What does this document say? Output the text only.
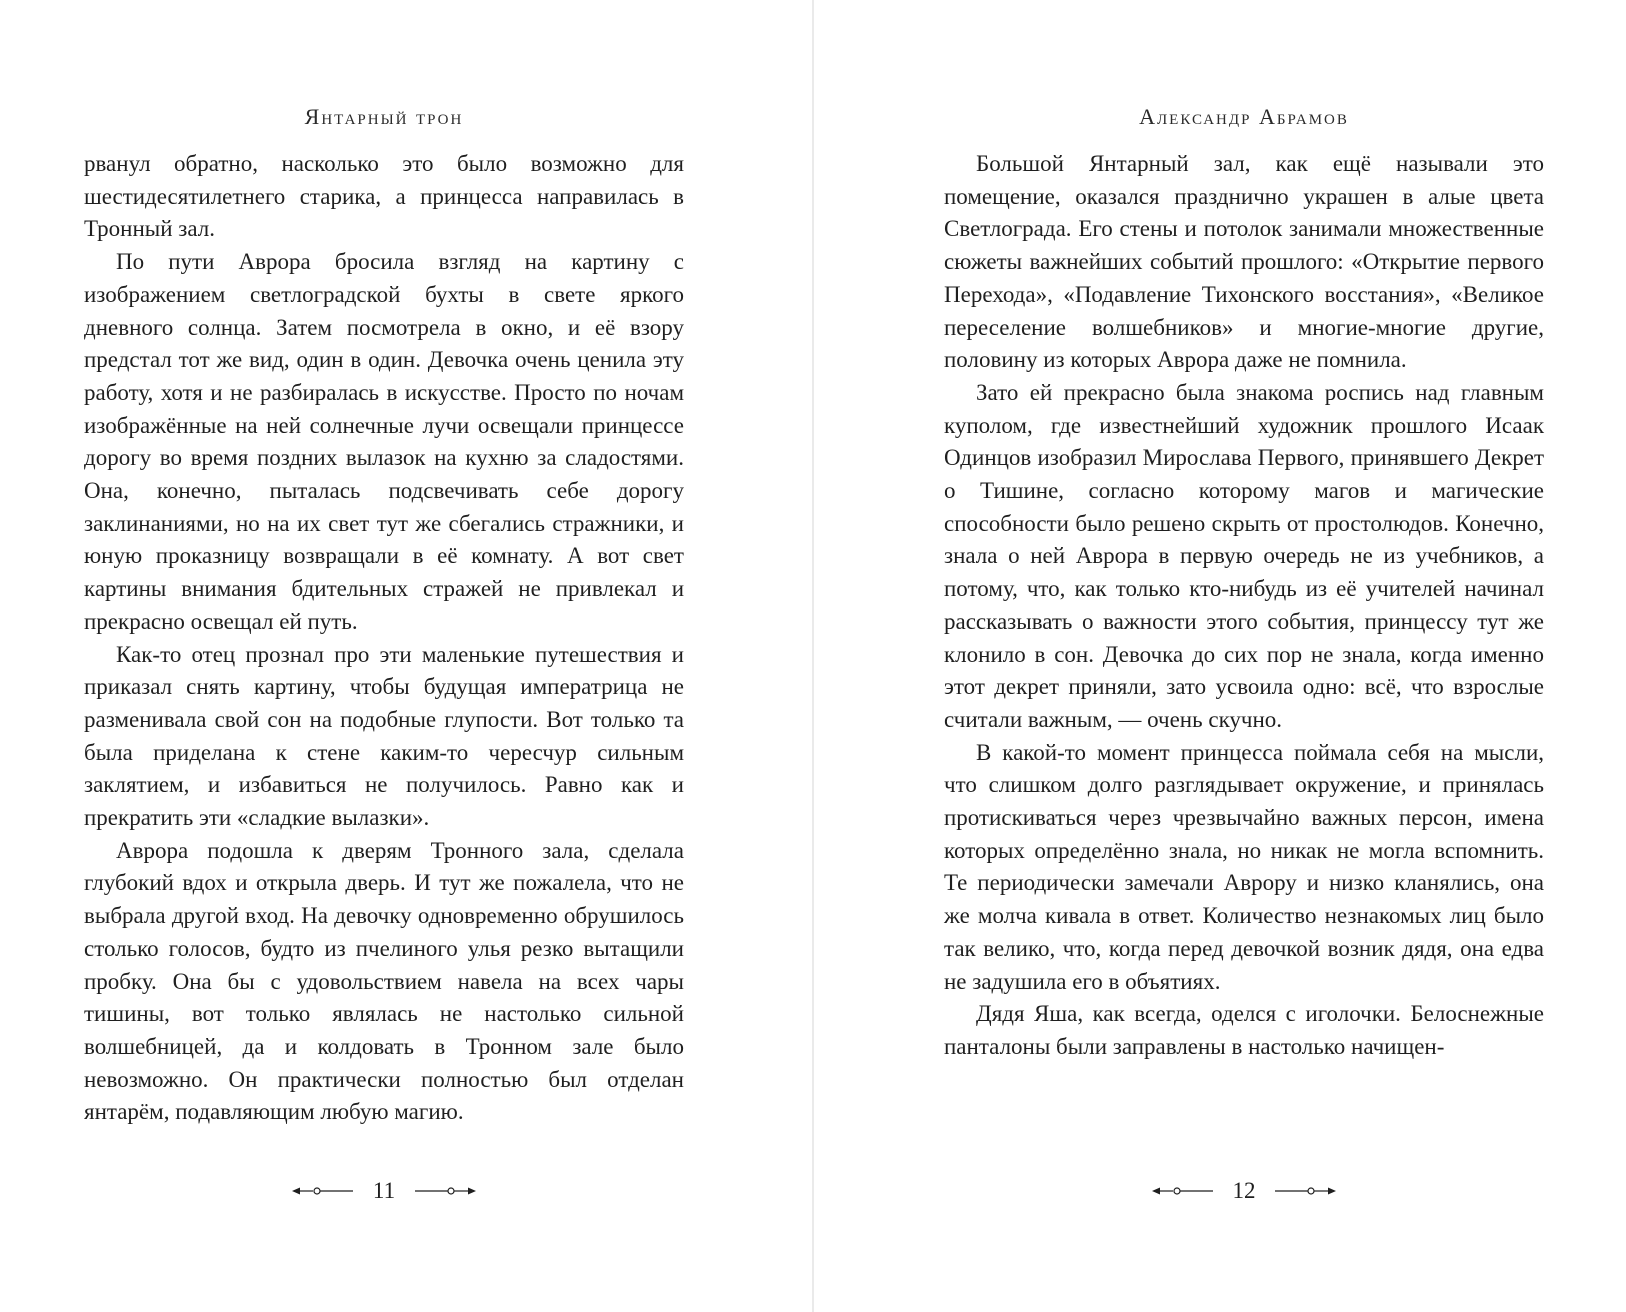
Янтарный трон

рванул обратно, насколько это было возможно для шестидесятилетнего старика, а принцесса направилась в Тронный зал.

По пути Аврора бросила взгляд на картину с изображением светлоградской бухты в свете яркого дневного солнца. Затем посмотрела в окно, и её взору предстал тот же вид, один в один. Девочка очень ценила эту работу, хотя и не разбиралась в искусстве. Просто по ночам изображённые на ней солнечные лучи освещали принцессе дорогу во время поздних вылазок на кухню за сладостями. Она, конечно, пыталась подсвечивать себе дорогу заклинаниями, но на их свет тут же сбегались стражники, и юную проказницу возвращали в её комнату. А вот свет картины внимания бдительных стражей не привлекал и прекрасно освещал ей путь.

Как-то отец прознал про эти маленькие путешествия и приказал снять картину, чтобы будущая императрица не разменивала свой сон на подобные глупости. Вот только та была приделана к стене каким-то чересчур сильным заклятием, и избавиться не получилось. Равно как и прекратить эти «сладкие вылазки».

Аврора подошла к дверям Тронного зала, сделала глубокий вдох и открыла дверь. И тут же пожалела, что не выбрала другой вход. На девочку одновременно обрушилось столько голосов, будто из пчелиного улья резко вытащили пробку. Она бы с удовольствием навела на всех чары тишины, вот только являлась не настолько сильной волшебницей, да и колдовать в Тронном зале было невозможно. Он практически полностью был отделан янтарём, подавляющим любую магию.

11
Александр Абрамов

Большой Янтарный зал, как ещё называли это помещение, оказался празднично украшен в алые цвета Светлограда. Его стены и потолок занимали множественные сюжеты важнейших событий прошлого: «Открытие первого Перехода», «Подавление Тихонского восстания», «Великое переселение волшебников» и многие-многие другие, половину из которых Аврора даже не помнила.

Зато ей прекрасно была знакома роспись над главным куполом, где известнейший художник прошлого Исаак Одинцов изобразил Мирослава Первого, принявшего Декрет о Тишине, согласно которому магов и магические способности было решено скрыть от простолюдов. Конечно, знала о ней Аврора в первую очередь не из учебников, а потому, что, как только кто-нибудь из её учителей начинал рассказывать о важности этого события, принцессу тут же клонило в сон. Девочка до сих пор не знала, когда именно этот декрет приняли, зато усвоила одно: всё, что взрослые считали важным, — очень скучно.

В какой-то момент принцесса поймала себя на мысли, что слишком долго разглядывает окружение, и принялась протискиваться через чрезвычайно важных персон, имена которых определённо знала, но никак не могла вспомнить. Те периодически замечали Аврору и низко кланялись, она же молча кивала в ответ. Количество незнакомых лиц было так велико, что, когда перед девочкой возник дядя, она едва не задушила его в объятиях.

Дядя Яша, как всегда, оделся с иголочки. Белоснежные панталоны были заправлены в настолько начищен-

12
